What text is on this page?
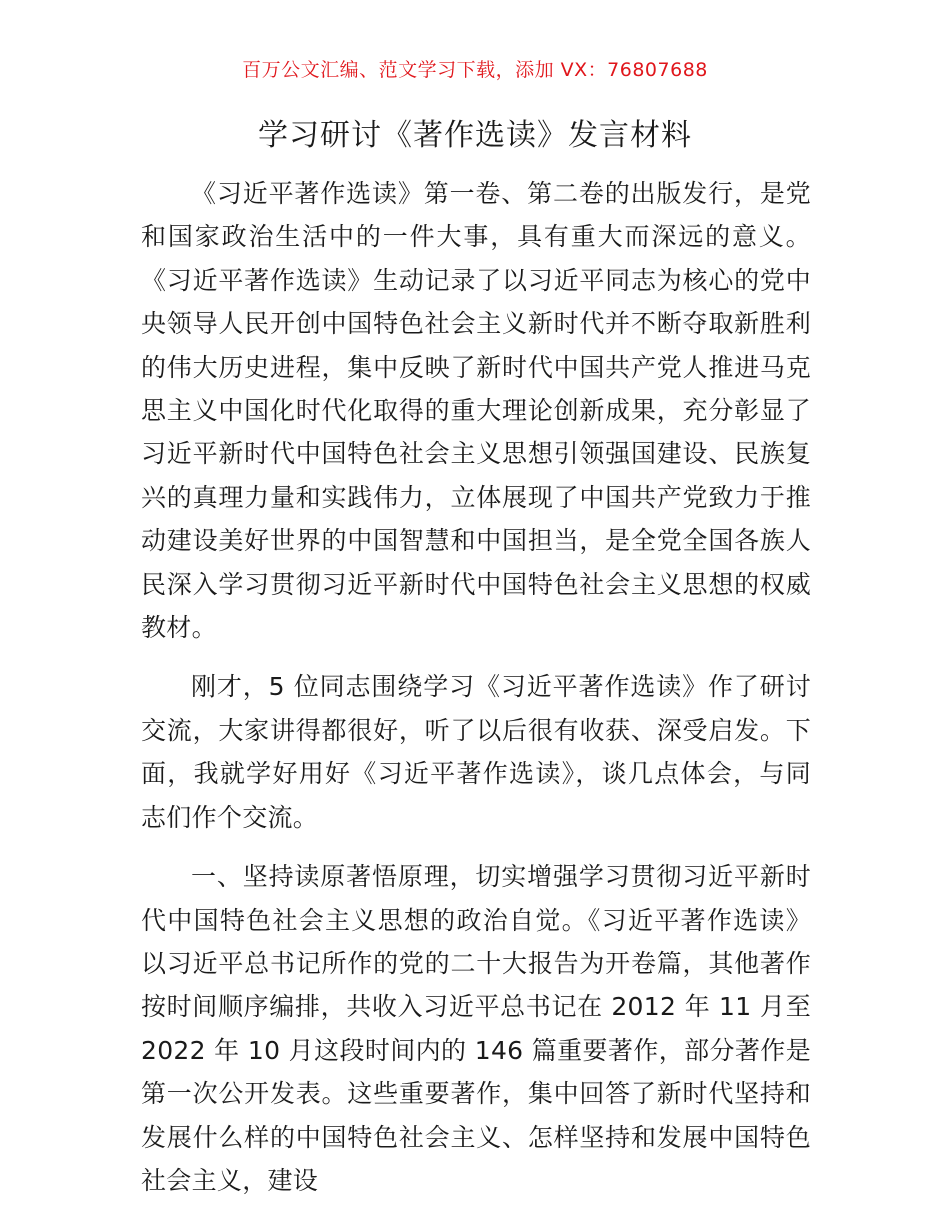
百万公文汇编、范文学习下载，添加 VX：76807688
学习研讨《著作选读》发言材料

《习近平著作选读》第一卷、第二卷的出版发行，是党和国家政治生活中的一件大事，具有重大而深远的意义。《习近平著作选读》生动记录了以习近平同志为核心的党中央领导人民开创中国特色社会主义新时代并不断夺取新胜利的伟大历史进程，集中反映了新时代中国共产党人推进马克思主义中国化时代化取得的重大理论创新成果，充分彰显了习近平新时代中国特色社会主义思想引领强国建设、民族复兴的真理力量和实践伟力，立体展现了中国共产党致力于推动建设美好世界的中国智慧和中国担当，是全党全国各族人民深入学习贯彻习近平新时代中国特色社会主义思想的权威教材。

刚才，5 位同志围绕学习《习近平著作选读》作了研讨交流，大家讲得都很好，听了以后很有收获、深受启发。下面，我就学好用好《习近平著作选读》，谈几点体会，与同志们作个交流。

一、坚持读原著悟原理，切实增强学习贯彻习近平新时代中国特色社会主义思想的政治自觉。《习近平著作选读》以习近平总书记所作的党的二十大报告为开卷篇，其他著作按时间顺序编排，共收入习近平总书记在 2012 年 11 月至 2022 年 10 月这段时间内的 146 篇重要著作，部分著作是第一次公开发表。这些重要著作，集中回答了新时代坚持和发展什么样的中国特色社会主义、怎样坚持和发展中国特色社会主义，建设
